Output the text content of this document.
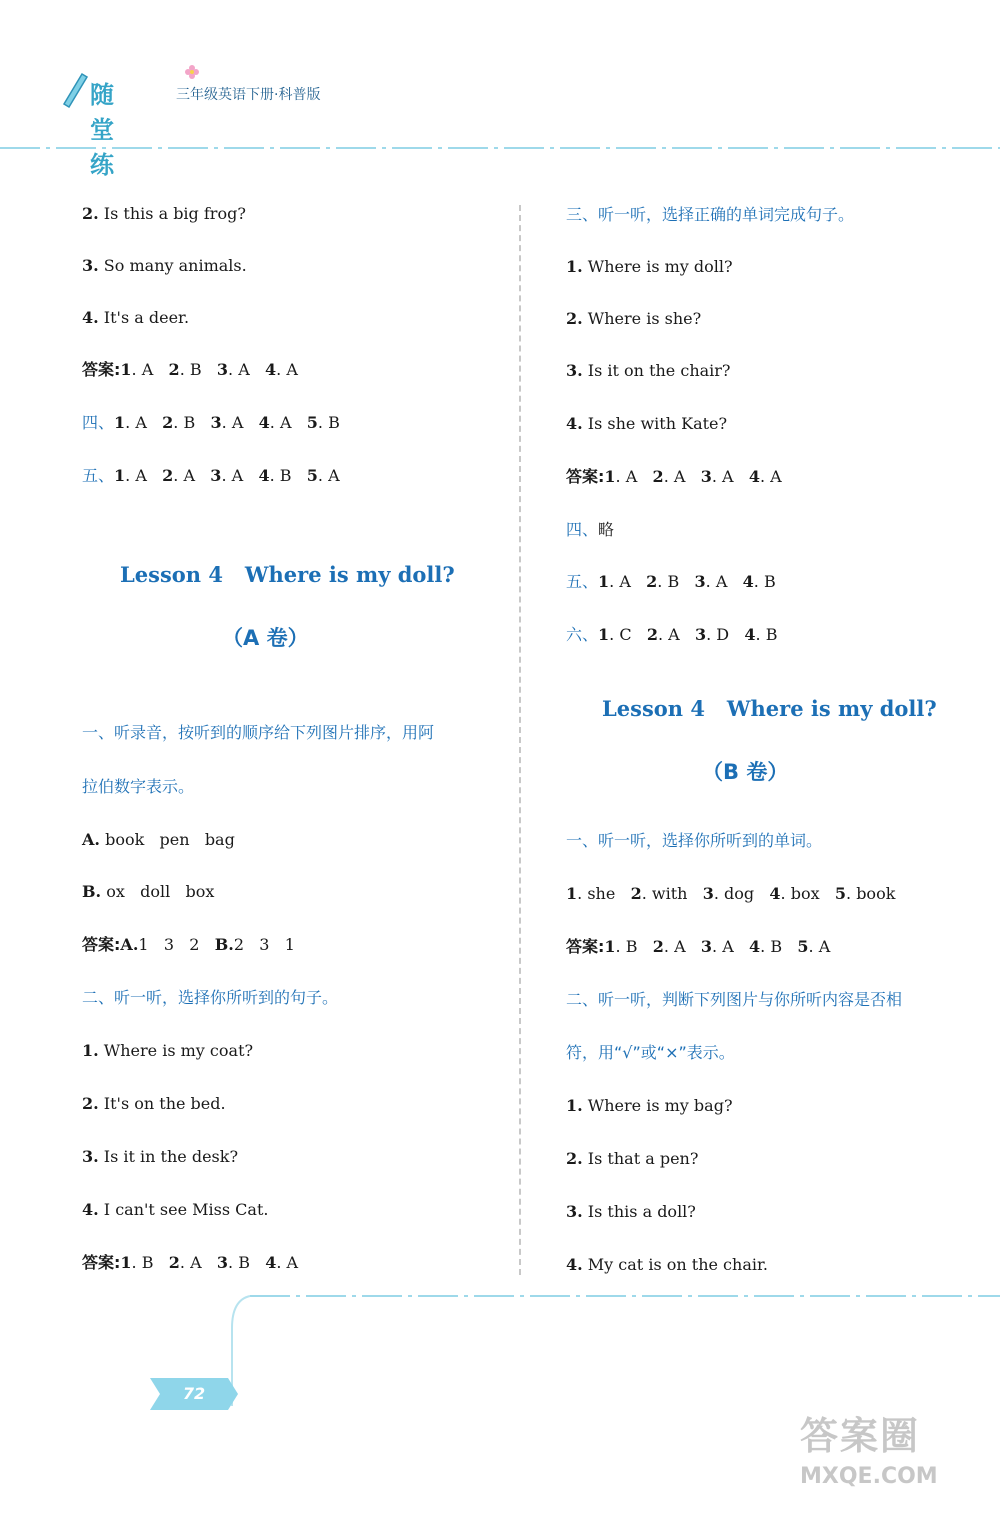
随堂练
三年级英语下册·科普版
2. Is this a big frog?
3. So many animals.
4. It's a deer.
答案:1. A 2. B 3. A 4. A
四、1. A 2. B 3. A 4. A 5. B
五、1. A 2. A 3. A 4. B 5. A
Lesson 4 Where is my doll?
（A 卷）
一、听录音，按听到的顺序给下列图片排序，用阿
拉伯数字表示。
A. book   pen   bag
B. ox   doll   box
答案:A.1   3   2 B.2   3   1
二、听一听，选择你所听到的句子。
1. Where is my coat?
2. It's on the bed.
3. Is it in the desk?
4. I can't see Miss Cat.
答案:1. B 2. A 3. B 4. A
三、听一听，选择正确的单词完成句子。
1. Where is my doll?
2. Where is she?
3. Is it on the chair?
4. Is she with Kate?
答案:1. A 2. A 3. A 4. A
四、略
五、1. A 2. B 3. A 4. B
六、1. C 2. A 3. D 4. B
Lesson 4 Where is my doll?
（B 卷）
一、听一听，选择你所听到的单词。
1. she 2. with 3. dog 4. box 5. book
答案:1. B 2. A 3. A 4. B 5. A
二、听一听，判断下列图片与你所听内容是否相
符，用“√”或“×”表示。
1. Where is my bag?
2. Is that a pen?
3. Is this a doll?
4. My cat is on the chair.
72
答案圈
MXQE.COM
